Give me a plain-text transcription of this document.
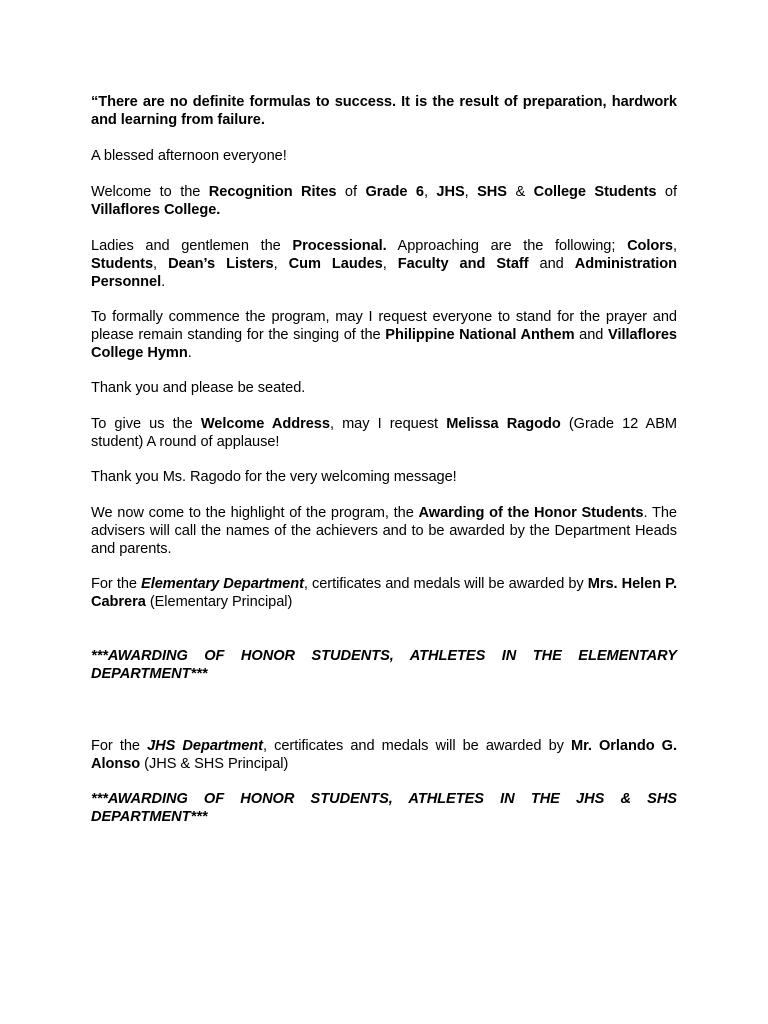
“There are no definite formulas to success. It is the result of preparation, hardwork and learning from failure.

A blessed afternoon everyone!

Welcome to the Recognition Rites of Grade 6, JHS, SHS & College Students of Villaflores College.

Ladies and gentlemen the Processional. Approaching are the following; Colors, Students, Dean’s Listers, Cum Laudes, Faculty and Staff and Administration Personnel.

To formally commence the program, may I request everyone to stand for the prayer and please remain standing for the singing of the Philippine National Anthem and Villaflores College Hymn.

Thank you and please be seated.

To give us the Welcome Address, may I request Melissa Ragodo (Grade 12 ABM student) A round of applause!

Thank you Ms. Ragodo for the very welcoming message!

We now come to the highlight of the program, the Awarding of the Honor Students. The advisers will call the names of the achievers and to be awarded by the Department Heads and parents.

For the Elementary Department, certificates and medals will be awarded by Mrs. Helen P. Cabrera (Elementary Principal)

***AWARDING OF HONOR STUDENTS, ATHLETES IN THE ELEMENTARY DEPARTMENT***

For the JHS Department, certificates and medals will be awarded by Mr. Orlando G. Alonso (JHS & SHS Principal)

***AWARDING OF HONOR STUDENTS, ATHLETES IN THE JHS & SHS DEPARTMENT***
